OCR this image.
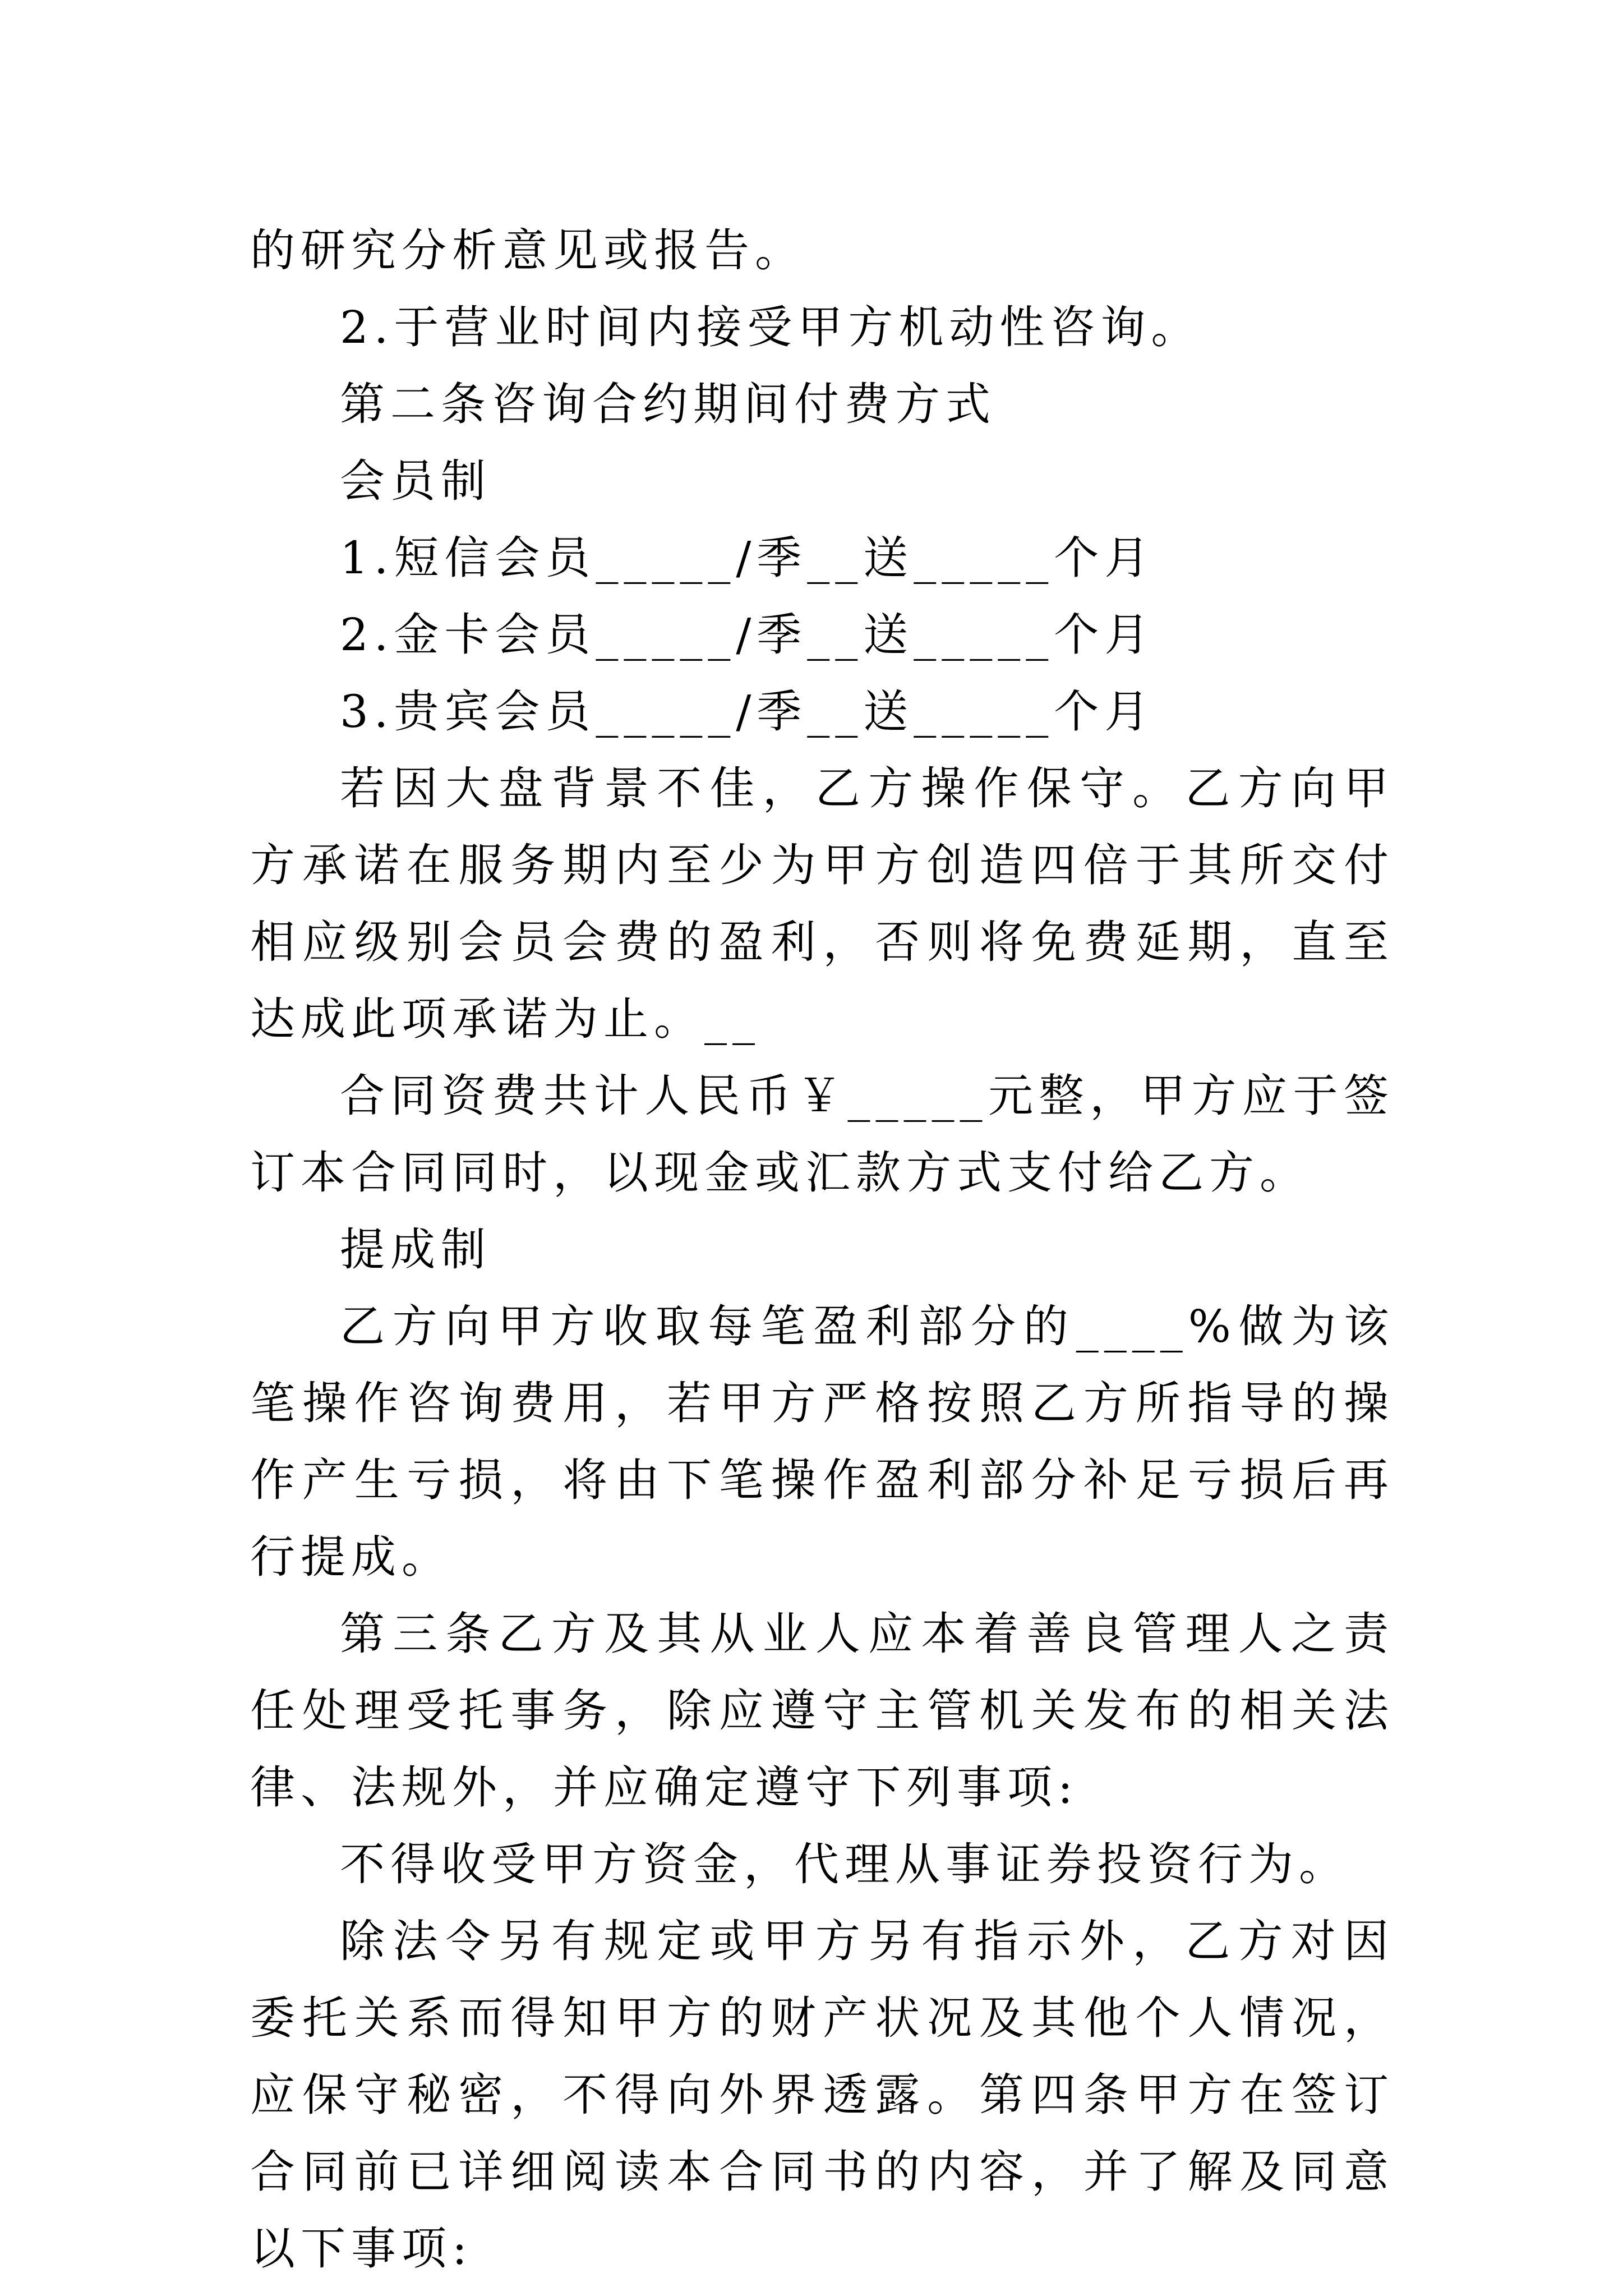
的研究分析意见或报告。

2.于营业时间内接受甲方机动性咨询。

第二条咨询合约期间付费方式

会员制

1.短信会员_____/季__送_____个月

2.金卡会员_____/季__送_____个月

3.贵宾会员_____/季__送_____个月

若因大盘背景不佳，乙方操作保守。乙方向甲方承诺在服务期内至少为甲方创造四倍于其所交付相应级别会员会费的盈利，否则将免费延期，直至达成此项承诺为止。__

合同资费共计人民币￥_____元整，甲方应于签订本合同同时，以现金或汇款方式支付给乙方。

提成制

乙方向甲方收取每笔盈利部分的____%做为该笔操作咨询费用，若甲方严格按照乙方所指导的操作产生亏损，将由下笔操作盈利部分补足亏损后再行提成。

第三条乙方及其从业人应本着善良管理人之责任处理受托事务，除应遵守主管机关发布的相关法律、法规外，并应确定遵守下列事项:

不得收受甲方资金，代理从事证券投资行为。

除法令另有规定或甲方另有指示外，乙方对因委托关系而得知甲方的财产状况及其他个人情况，应保守秘密，不得向外界透露。第四条甲方在签订合同前已详细阅读本合同书的内容，并了解及同意以下事项:
